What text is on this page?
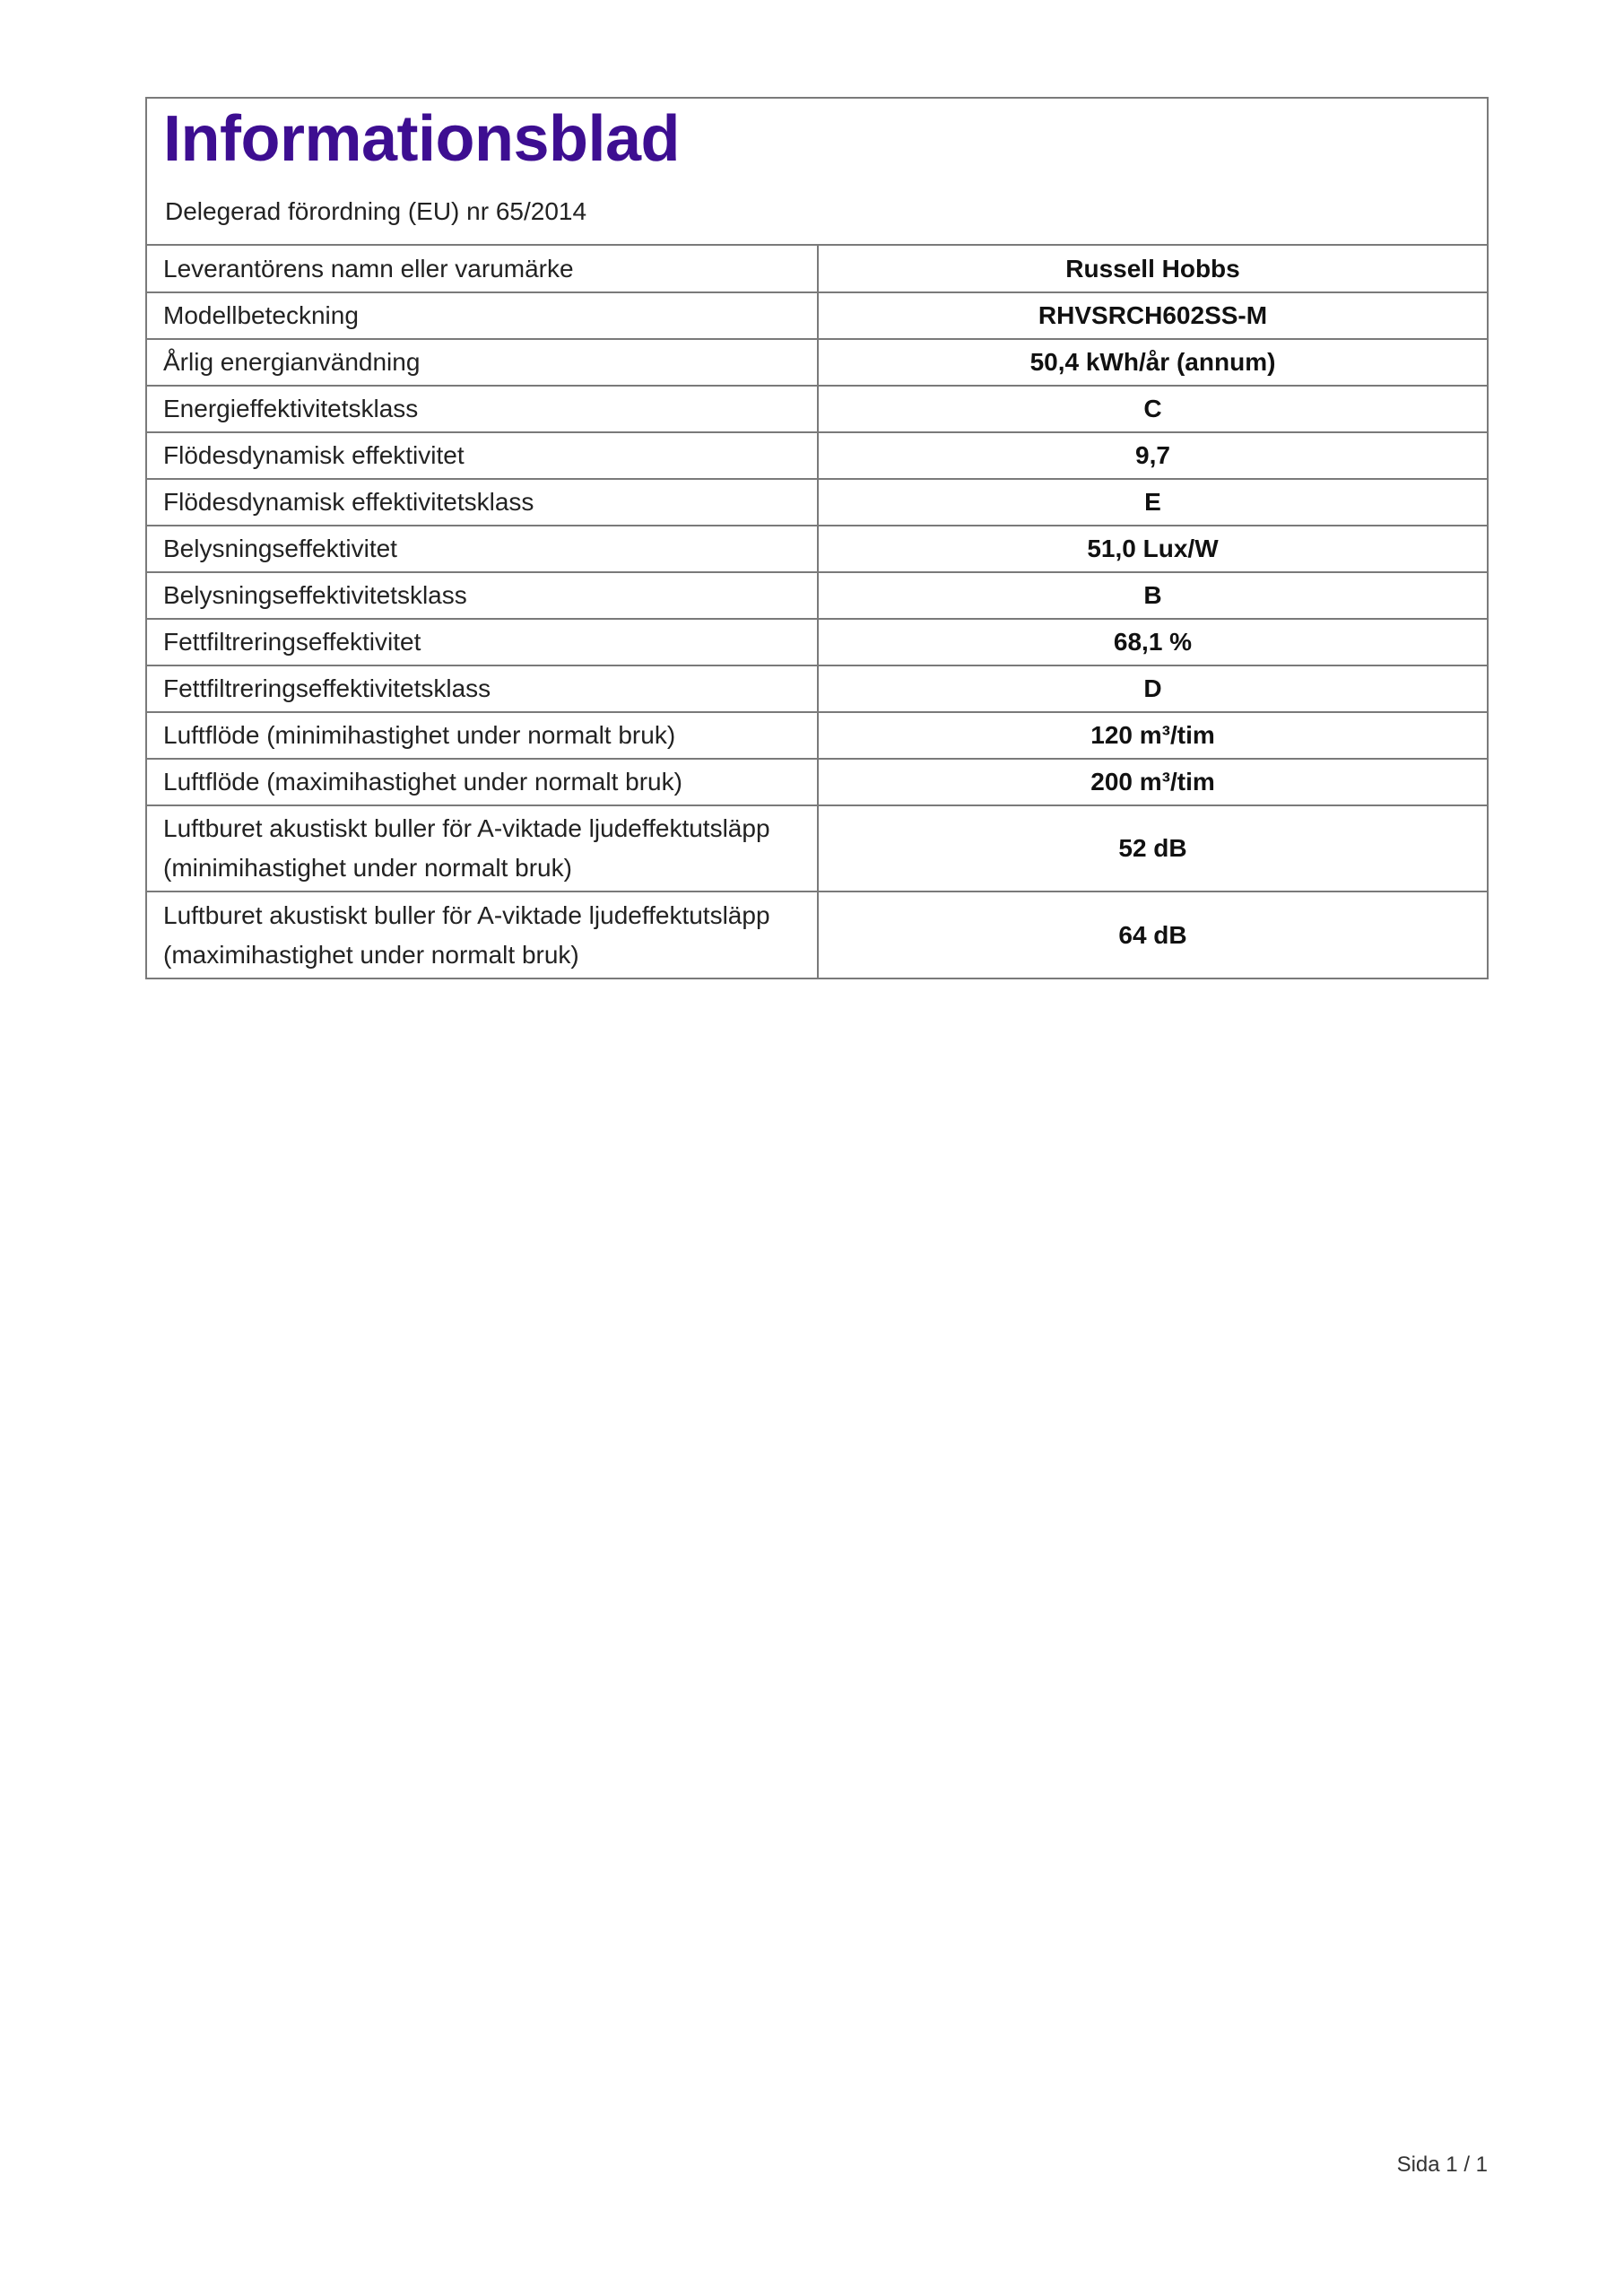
Informationsblad

Delegerad förordning (EU) nr 65/2014

Leverantörens namn eller varumärke	Russell Hobbs
Modellbeteckning	RHVSRCH602SS-M
Årlig energianvändning	50,4 kWh/år (annum)
Energieffektivitetsklass	C
Flödesdynamisk effektivitet	9,7
Flödesdynamisk effektivitetsklass	E
Belysningseffektivitet	51,0 Lux/W
Belysningseffektivitetsklass	B
Fettfiltreringseffektivitet	68,1 %
Fettfiltreringseffektivitetsklass	D
Luftflöde (minimihastighet under normalt bruk)	120 m³/tim
Luftflöde (maximihastighet under normalt bruk)	200 m³/tim
Luftburet akustiskt buller för A-viktade ljudeffektutsläpp (minimihastighet under normalt bruk)	52 dB
Luftburet akustiskt buller för A-viktade ljudeffektutsläpp (maximihastighet under normalt bruk)	64 dB
Sida 1 / 1
